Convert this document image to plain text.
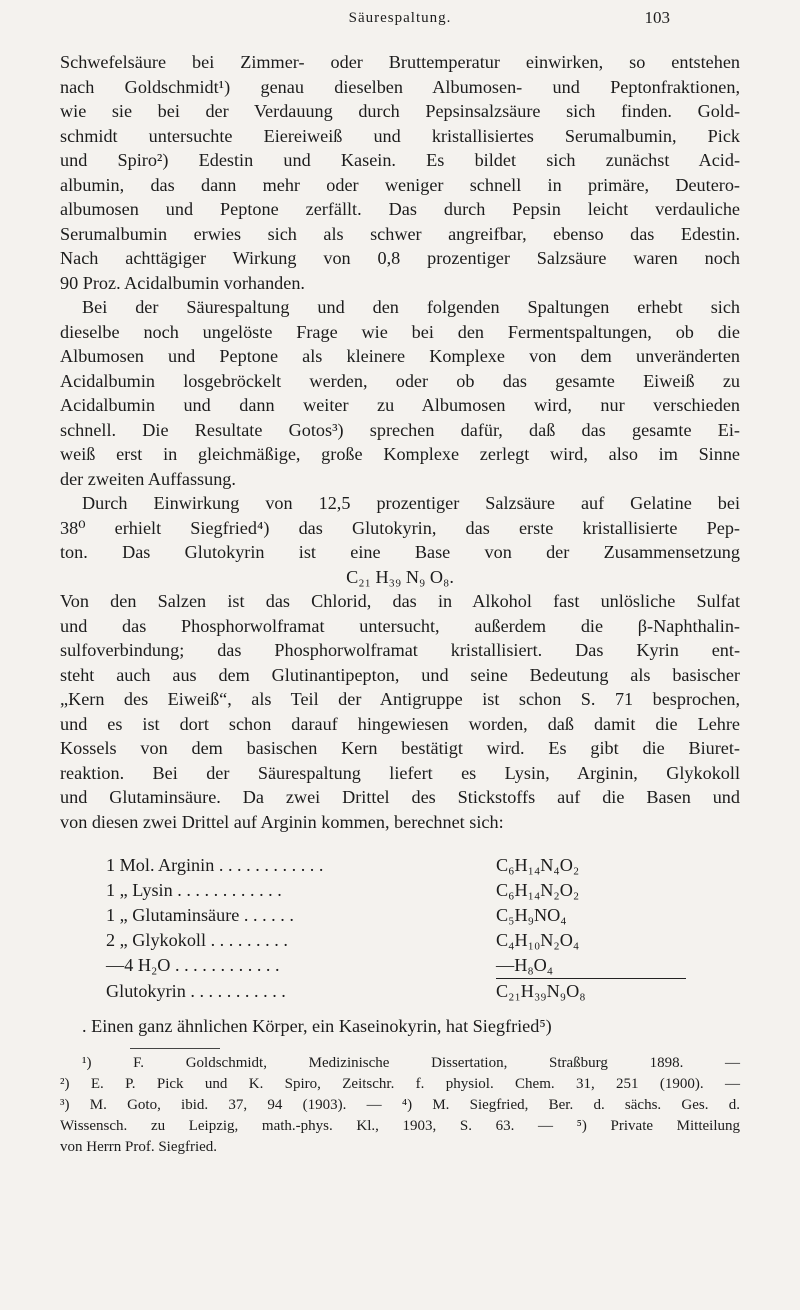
Säurespaltung.	103
Schwefelsäure bei Zimmer- oder Bruttemperatur einwirken, so entstehen
nach Goldschmidt¹) genau dieselben Albumosen- und Peptonfraktionen,
wie sie bei der Verdauung durch Pepsinsalzsäure sich finden. Gold-
schmidt untersuchte Eiereiweiß und kristallisiertes Serumalbumin, Pick
und Spiro²) Edestin und Kasein. Es bildet sich zunächst Acid-
albumin, das dann mehr oder weniger schnell in primäre, Deutero-
albumosen und Peptone zerfällt. Das durch Pepsin leicht verdauliche
Serumalbumin erwies sich als schwer angreifbar, ebenso das Edestin.
Nach achttägiger Wirkung von 0,8 prozentiger Salzsäure waren noch
90 Proz. Acidalbumin vorhanden.
Bei der Säurespaltung und den folgenden Spaltungen erhebt sich
dieselbe noch ungelöste Frage wie bei den Fermentspaltungen, ob die
Albumosen und Peptone als kleinere Komplexe von dem unveränderten
Acidalbumin losgebröckelt werden, oder ob das gesamte Eiweiß zu
Acidalbumin und dann weiter zu Albumosen wird, nur verschieden
schnell. Die Resultate Gotos³) sprechen dafür, daß das gesamte Ei-
weiß erst in gleichmäßige, große Komplexe zerlegt wird, also im Sinne
der zweiten Auffassung.
Durch Einwirkung von 12,5 prozentiger Salzsäure auf Gelatine bei
38⁰ erhielt Siegfried⁴) das Glutokyrin, das erste kristallisierte Pep-
ton. Das Glutokyrin ist eine Base von der Zusammensetzung
C₂₁ H₃₉ N₉ O₈.
Von den Salzen ist das Chlorid, das in Alkohol fast unlösliche Sulfat
und das Phosphorwolframat untersucht, außerdem die β-Naphthalin-
sulfoverbindung; das Phosphorwolframat kristallisiert. Das Kyrin ent-
steht auch aus dem Glutinantipepton, und seine Bedeutung als basischer
„Kern des Eiweiß“, als Teil der Antigruppe ist schon S. 71 besprochen,
und es ist dort schon darauf hingewiesen worden, daß damit die Lehre
Kossels von dem basischen Kern bestätigt wird. Es gibt die Biuret-
reaktion. Bei der Säurespaltung liefert es Lysin, Arginin, Glykokoll
und Glutaminsäure. Da zwei Drittel des Stickstoffs auf die Basen und
von diesen zwei Drittel auf Arginin kommen, berechnet sich:
1 Mol. Arginin . . . . . . . . . . . .	C₆H₁₄N₄O₂
1 „ Lysin . . . . . . . . . . . .	C₆H₁₄N₂O₂
1 „ Glutaminsäure . . . . . .	C₅H₉NO₄
2 „ Glykokoll . . . . . . . . .	C₄H₁₀N₂O₄
—4 H₂O . . . . . . . . . . . .	—H₈O₄
Glutokyrin . . . . . . . . . . .	C₂₁H₃₉N₉O₈
. Einen ganz ähnlichen Körper, ein Kaseinokyrin, hat Siegfried⁵)
¹) F. Goldschmidt, Medizinische Dissertation, Straßburg 1898. —
²) E. P. Pick und K. Spiro, Zeitschr. f. physiol. Chem. 31, 251 (1900). —
³) M. Goto, ibid. 37, 94 (1903). — ⁴) M. Siegfried, Ber. d. sächs. Ges. d.
Wissensch. zu Leipzig, math.-phys. Kl., 1903, S. 63. — ⁵) Private Mitteilung
von Herrn Prof. Siegfried.
